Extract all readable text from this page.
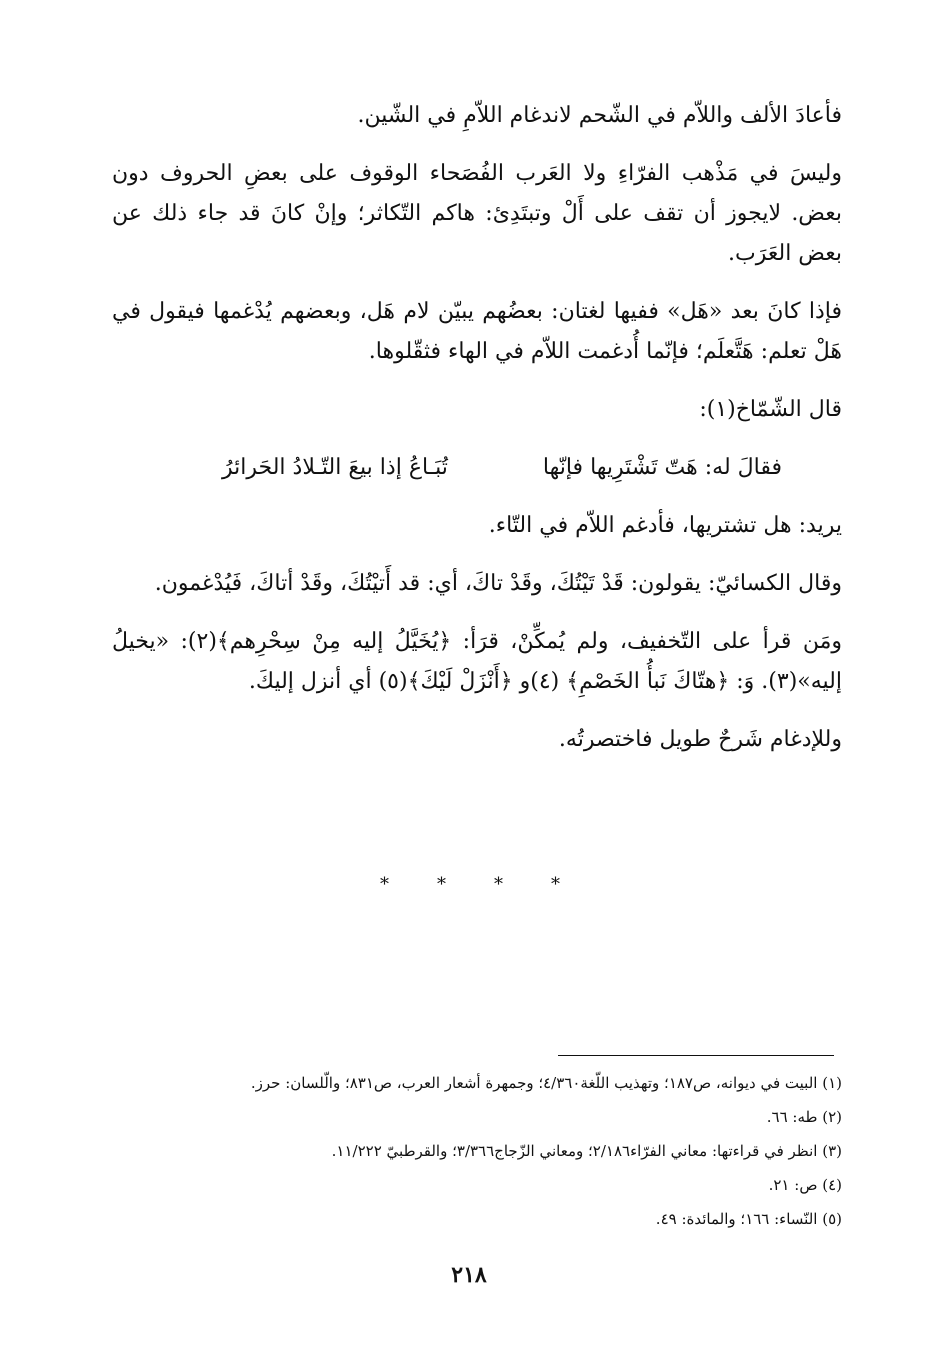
فأعادَ الألف واللاّم في الشّحم لاندغام اللاّمِ في الشّين.

وليسَ في مَذْهب الفرّاءِ ولا العَرب الفُصَحاء الوقوف على بعضِ الحروف دون بعض. لايجوز أن تقف على أَلْ وتبتَدِئ: هاكم التّكاثر؛ وإنْ كانَ قد جاء ذلك عن بعض العَرَب.

فإذا كانَ بعد «هَل» ففيها لغتان: بعضُهم يبيّن لام هَل، وبعضهم يُدْغمها فيقول في هَلْ تعلم: هَتَّعلَم؛ فإنّما أُدغمت اللاّم في الهاء فثقّلوها.

قال الشّمّاخ(١):

فقالَ له: هَتّ تَشْتَرِيها فإنّها
تُبَـاعُ إذا بيعَ التّـلادُ الحَرائرُ

يريد: هل تشتريها، فأدغم اللاّم في التّاء.

وقال الكسائيّ: يقولون: قَدْ تَيْتُكَ، وقَدْ تاكَ، أي: قد أَتيْتُكَ، وقَدْ أتاكَ، فَيُدْغمون.

ومَن قرأ على التّخفيف، ولم يُمكِّنْ، قرَأ: ﴿يُخَيَّلُ إليه مِنْ سِحْرِهم﴾(٢): «يخيلُ إليه»(٣). وَ: ﴿هتّاكَ نَبأُ الخَصْمِ﴾ (٤)و ﴿أَنْزَلْ لَيْكَ﴾(٥) أي أنزل إليكَ.

وللإدغام شَرحٌ طويل فاختصرتُه.

*	*	*	*

(١) البيت في ديوانه، ص١٨٧؛ وتهذيب اللّغة٤/٣٦٠؛ وجمهرة أشعار العرب، ص٨٣١؛ والّلسان: حرز.

(٢) طه: ٦٦.

(٣) انظر في قراءتها: معاني الفرّاء٢/١٨٦؛ ومعاني الزّجاج٣/٣٦٦؛ والقرطبيّ ١١/٢٢٢.

(٤) ص: ٢١.

(٥) النّساء: ١٦٦؛ والمائدة: ٤٩.

٢١٨
